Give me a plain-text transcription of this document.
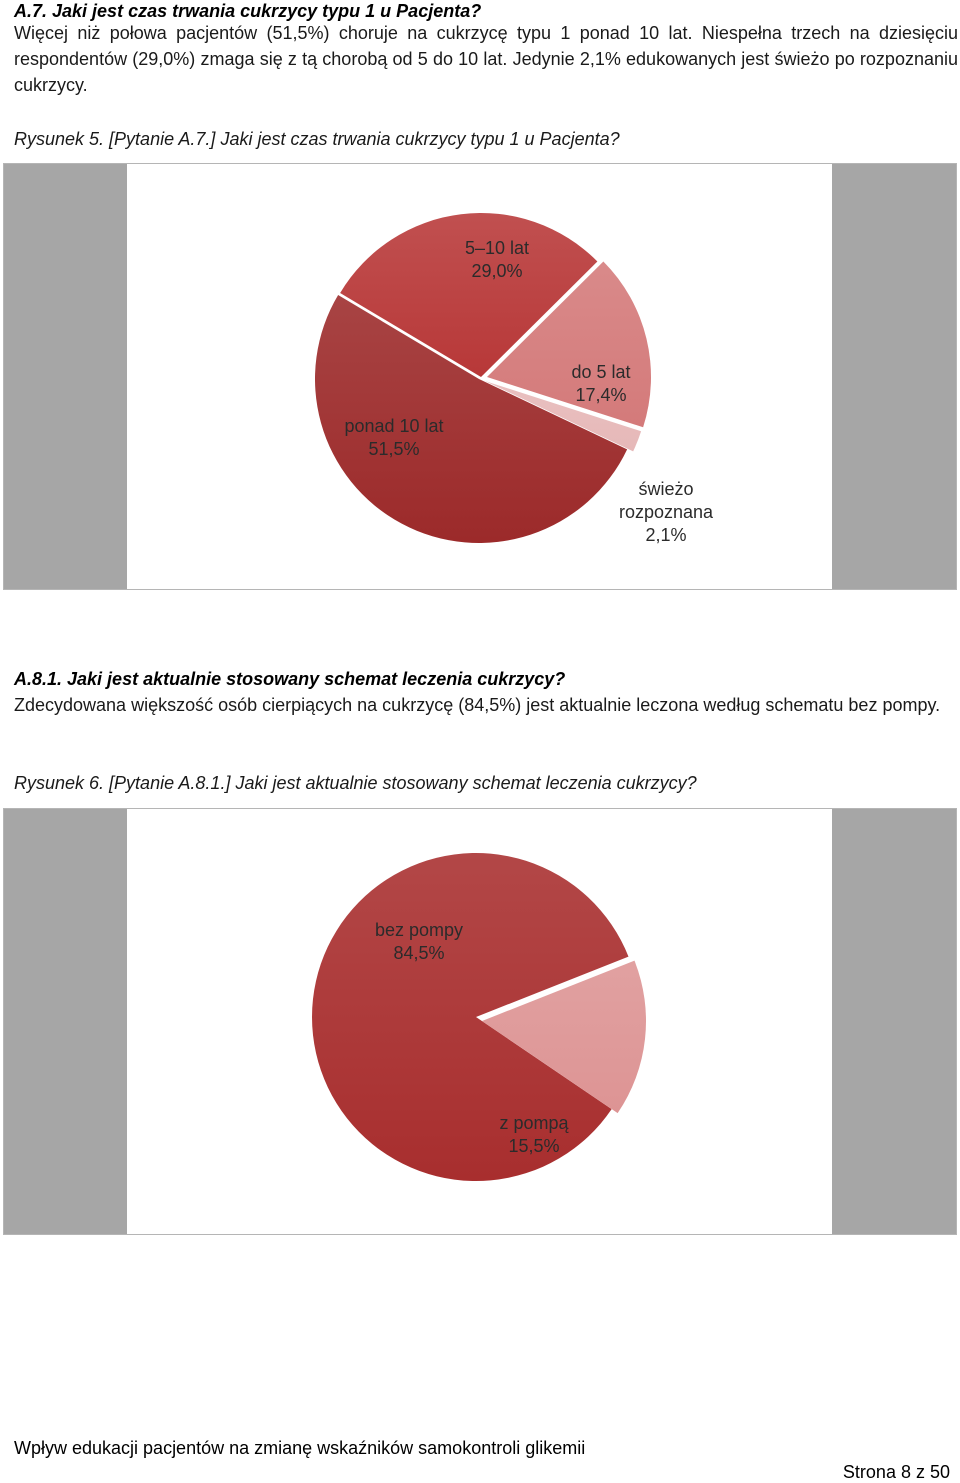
A.7. Jaki jest czas trwania cukrzycy typu 1 u Pacjenta?

Więcej niż połowa pacjentów (51,5%) choruje na cukrzycę typu 1 ponad 10 lat. Niespełna trzech na dziesięciu respondentów (29,0%) zmaga się z tą chorobą od 5 do 10 lat. Jedynie 2,1% edukowanych jest świeżo po rozpoznaniu cukrzycy.

Rysunek 5. [Pytanie A.7.] Jaki jest czas trwania cukrzycy typu 1 u Pacjenta?

ponad 10 lat
51,5%
5–10 lat
29,0%
do 5 lat
17,4%
świeżo
rozpoznana
2,1%

A.8.1. Jaki jest aktualnie stosowany schemat leczenia cukrzycy?

Zdecydowana większość osób cierpiących na cukrzycę (84,5%) jest aktualnie leczona według schematu bez pompy.

Rysunek 6. [Pytanie A.8.1.] Jaki jest aktualnie stosowany schemat leczenia cukrzycy?

bez pompy
84,5%
z pompą
15,5%

Wpływ edukacji pacjentów na zmianę wskaźników samokontroli glikemii

Strona 8 z 50
